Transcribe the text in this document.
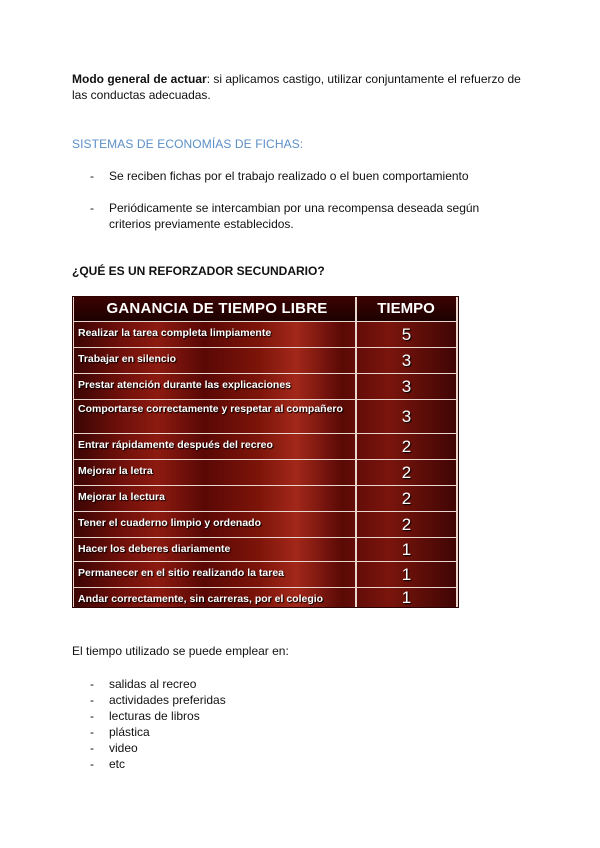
Modo general de actuar: si aplicamos castigo, utilizar conjuntamente el refuerzo de las conductas adecuadas.
SISTEMAS DE ECONOMÍAS DE FICHAS:
- Se reciben fichas por el trabajo realizado o el buen comportamiento
- Periódicamente se intercambian por una recompensa deseada según criterios previamente establecidos.
¿QUÉ ES UN REFORZADOR SECUNDARIO?
GANANCIA DE TIEMPO LIBRE	TIEMPO
Realizar la tarea completa limpiamente	5
Trabajar en silencio	3
Prestar atención durante las explicaciones	3
Comportarse correctamente y respetar al compañero	3
Entrar rápidamente después del recreo	2
Mejorar la letra	2
Mejorar la lectura	2
Tener el cuaderno limpio y ordenado	2
Hacer los deberes diariamente	1
Permanecer en el sitio realizando la tarea	1
Andar correctamente, sin carreras, por el colegio	1
El tiempo utilizado se puede emplear en:
- salidas al recreo
- actividades preferidas
- lecturas de libros
- plástica
- video
- etc
